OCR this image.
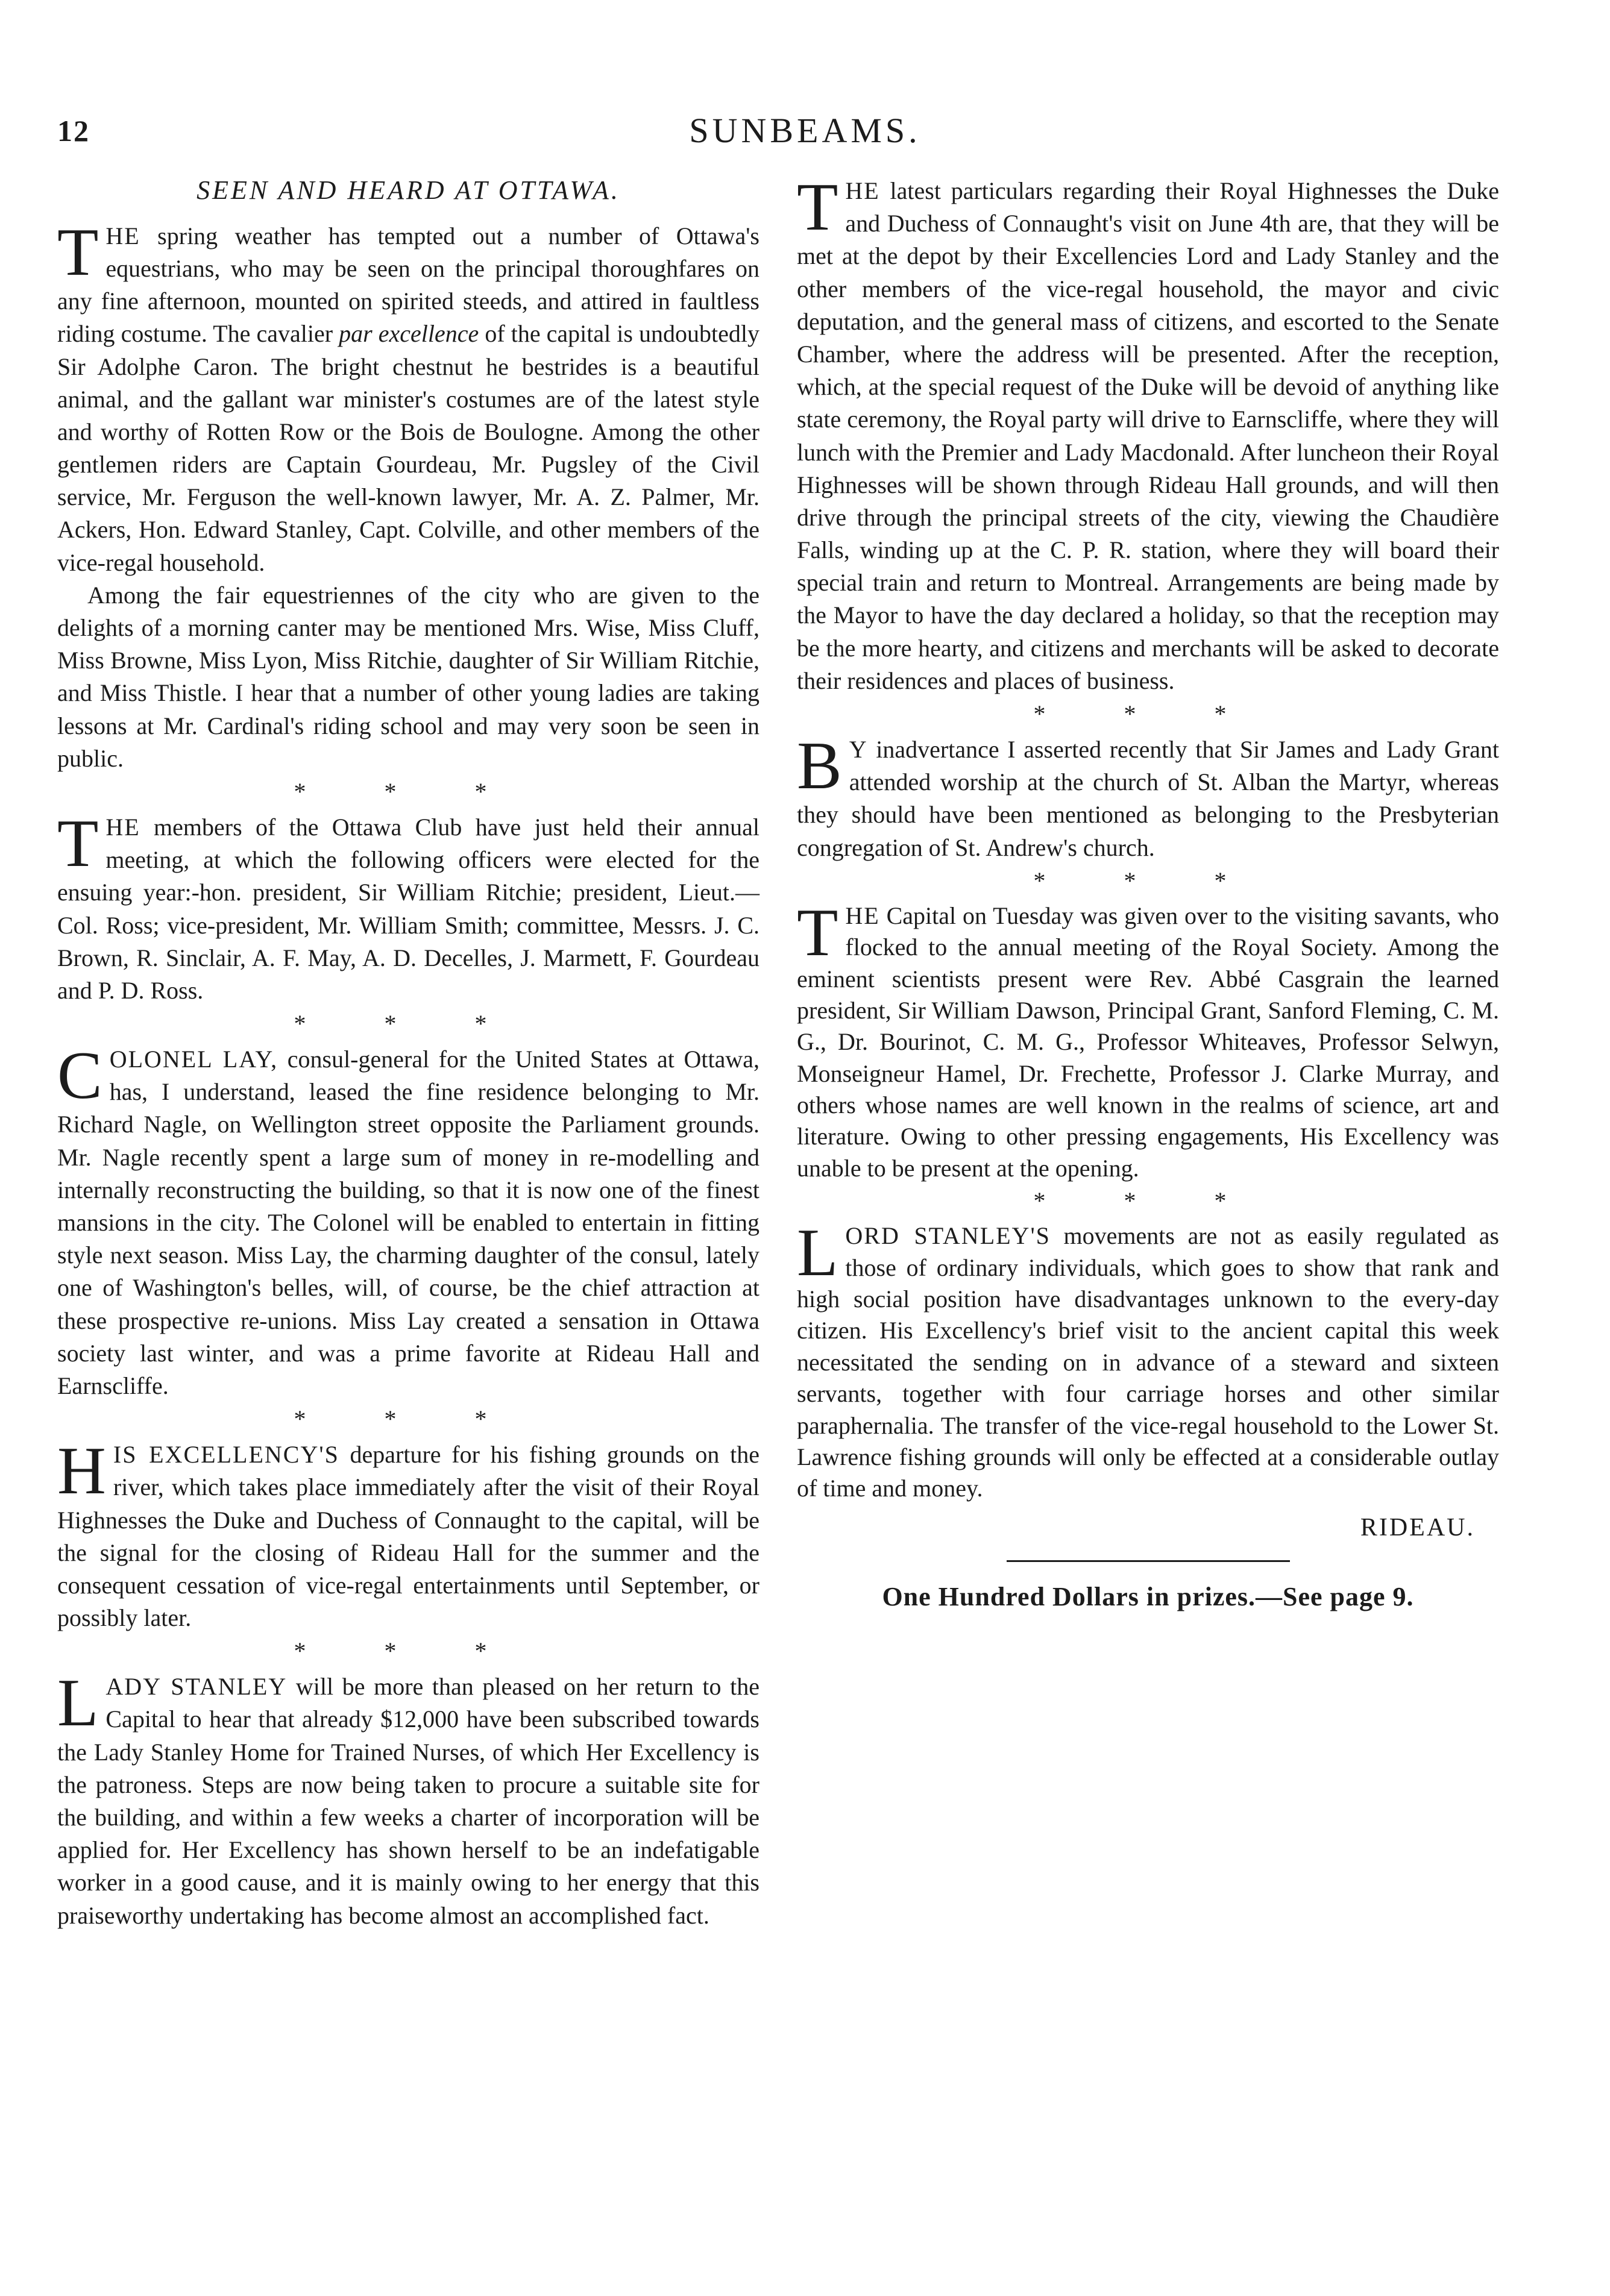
12	SUNBEAMS.
SEEN AND HEARD AT OTTAWA.

THE spring weather has tempted out a number of Ottawa's equestrians, who may be seen on the principal thoroughfares on any fine afternoon, mounted on spirited steeds, and attired in faultless riding costume. The cavalier par excellence of the capital is undoubtedly Sir Adolphe Caron. The bright chestnut he bestrides is a beautiful animal, and the gallant war minister's costumes are of the latest style and worthy of Rotten Row or the Bois de Boulogne. Among the other gentlemen riders are Captain Gourdeau, Mr. Pugsley of the Civil service, Mr. Ferguson the well-known lawyer, Mr. A. Z. Palmer, Mr. Ackers, Hon. Edward Stanley, Capt. Colville, and other members of the vice-regal household.

Among the fair equestriennes of the city who are given to the delights of a morning canter may be mentioned Mrs. Wise, Miss Cluff, Miss Browne, Miss Lyon, Miss Ritchie, daughter of Sir William Ritchie, and Miss Thistle. I hear that a number of other young ladies are taking lessons at Mr. Cardinal's riding school and may very soon be seen in public.

* * *

THE members of the Ottawa Club have just held their annual meeting, at which the following officers were elected for the ensuing year:-hon. president, Sir William Ritchie; president, Lieut.—Col. Ross; vice-president, Mr. William Smith; committee, Messrs. J. C. Brown, R. Sinclair, A. F. May, A. D. Decelles, J. Marmett, F. Gourdeau and P. D. Ross.

* * *

COLONEL LAY, consul-general for the United States at Ottawa, has, I understand, leased the fine residence belonging to Mr. Richard Nagle, on Wellington street opposite the Parliament grounds. Mr. Nagle recently spent a large sum of money in re-modelling and internally reconstructing the building, so that it is now one of the finest mansions in the city. The Colonel will be enabled to entertain in fitting style next season. Miss Lay, the charming daughter of the consul, lately one of Washington's belles, will, of course, be the chief attraction at these prospective re-unions. Miss Lay created a sensation in Ottawa society last winter, and was a prime favorite at Rideau Hall and Earnscliffe.

* * *

HIS EXCELLENCY'S departure for his fishing grounds on the river, which takes place immediately after the visit of their Royal Highnesses the Duke and Duchess of Connaught to the capital, will be the signal for the closing of Rideau Hall for the summer and the consequent cessation of vice-regal entertainments until September, or possibly later.

* * *

LADY STANLEY will be more than pleased on her return to the Capital to hear that already $12,000 have been subscribed towards the Lady Stanley Home for Trained Nurses, of which Her Excellency is the patroness. Steps are now being taken to procure a suitable site for the building, and within a few weeks a charter of incorporation will be applied for. Her Excellency has shown herself to be an indefatigable worker in a good cause, and it is mainly owing to her energy that this praiseworthy undertaking has become almost an accomplished fact.

THE latest particulars regarding their Royal Highnesses the Duke and Duchess of Connaught's visit on June 4th are, that they will be met at the depot by their Excellencies Lord and Lady Stanley and the other members of the vice-regal household, the mayor and civic deputation, and the general mass of citizens, and escorted to the Senate Chamber, where the address will be presented. After the reception, which, at the special request of the Duke will be devoid of anything like state ceremony, the Royal party will drive to Earnscliffe, where they will lunch with the Premier and Lady Macdonald. After luncheon their Royal Highnesses will be shown through Rideau Hall grounds, and will then drive through the principal streets of the city, viewing the Chaudière Falls, winding up at the C. P. R. station, where they will board their special train and return to Montreal. Arrangements are being made by the Mayor to have the day declared a holiday, so that the reception may be the more hearty, and citizens and merchants will be asked to decorate their residences and places of business.

* * *

B Y inadvertance I asserted recently that Sir James and Lady Grant attended worship at the church of St. Alban the Martyr, whereas they should have been mentioned as belonging to the Presbyterian congregation of St. Andrew's church.

* * *

THE Capital on Tuesday was given over to the visiting savants, who flocked to the annual meeting of the Royal Society. Among the eminent scientists present were Rev. Abbé Casgrain the learned president, Sir William Dawson, Principal Grant, Sanford Fleming, C. M. G., Dr. Bourinot, C. M. G., Professor Whiteaves, Professor Selwyn, Monseigneur Hamel, Dr. Frechette, Professor J. Clarke Murray, and others whose names are well known in the realms of science, art and literature. Owing to other pressing engagements, His Excellency was unable to be present at the opening.

* * *

LORD STANLEY'S movements are not as easily regulated as those of ordinary individuals, which goes to show that rank and high social position have disadvantages unknown to the every-day citizen. His Excellency's brief visit to the ancient capital this week necessitated the sending on in advance of a steward and sixteen servants, together with four carriage horses and other similar paraphernalia. The transfer of the vice-regal household to the Lower St. Lawrence fishing grounds will only be effected at a considerable outlay of time and money.

RIDEAU.
One Hundred Dollars in prizes.—See page 9.
